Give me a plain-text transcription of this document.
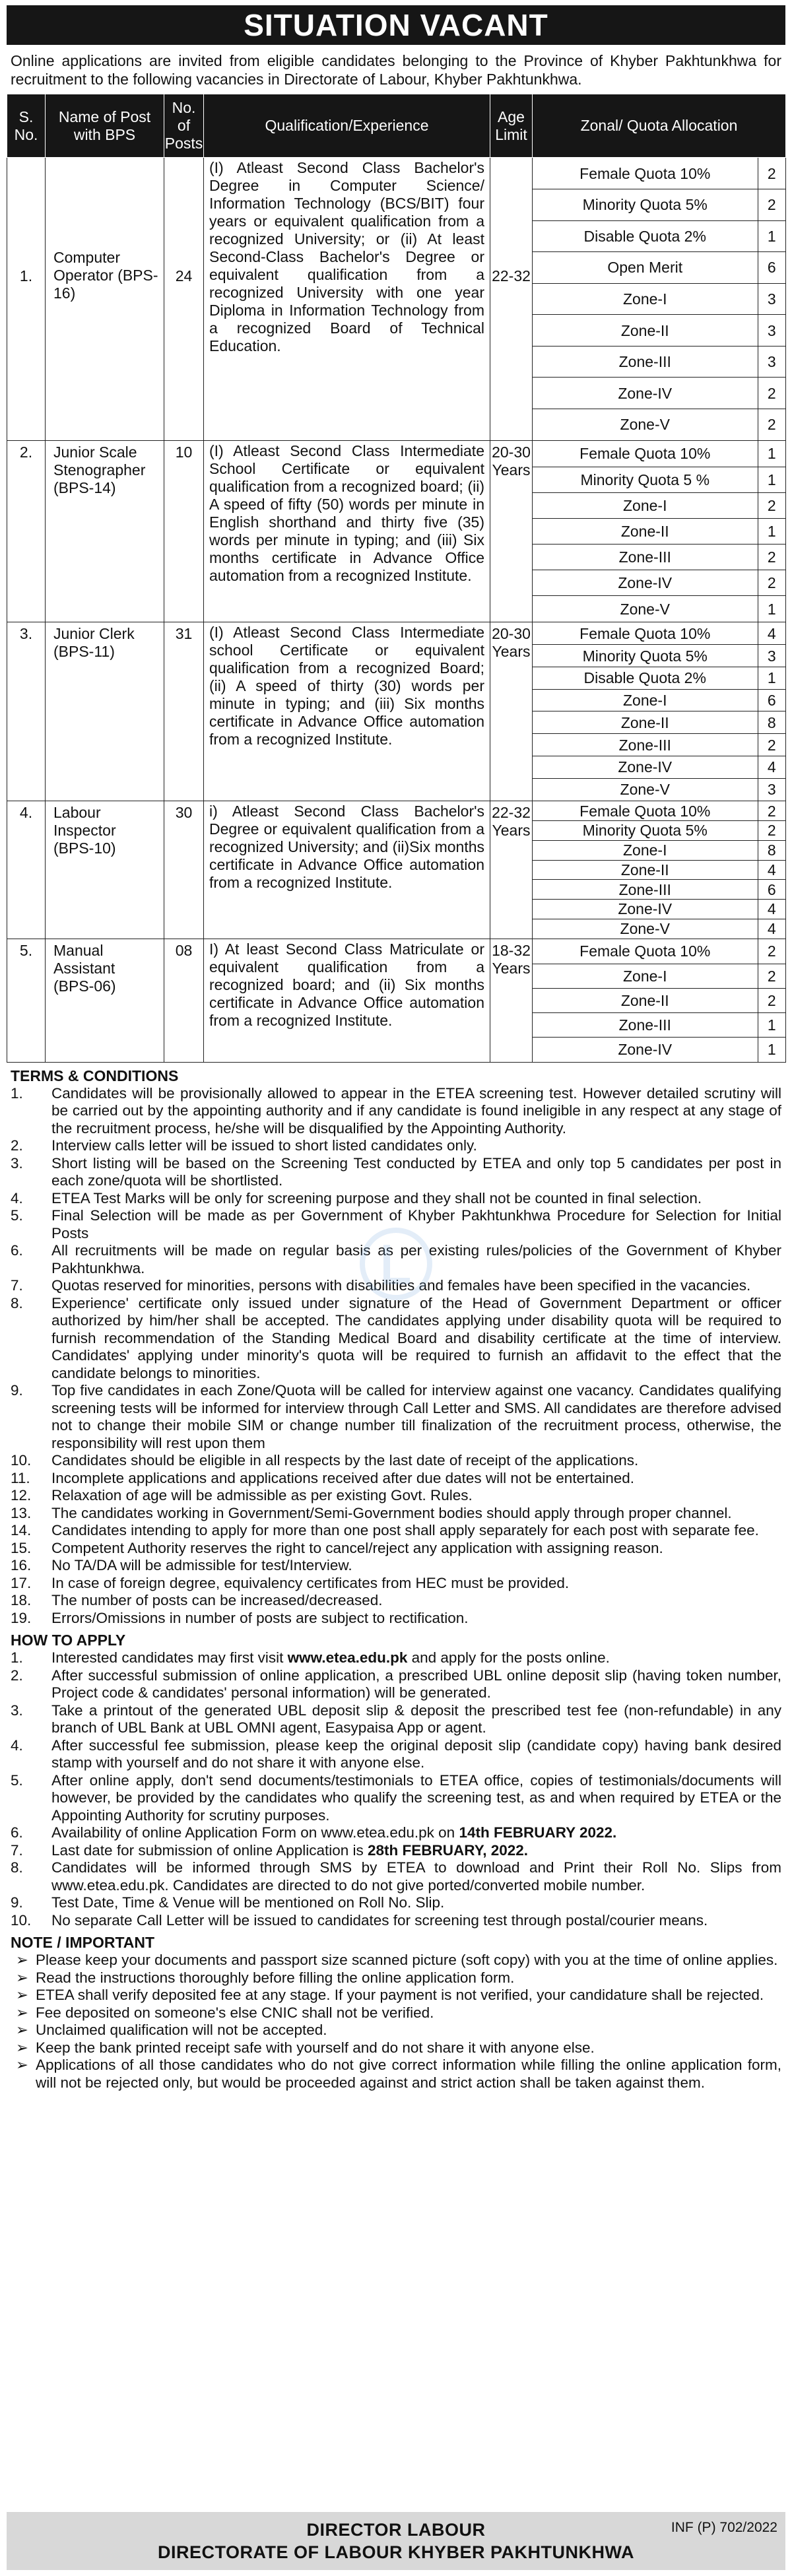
SITUATION VACANT

Online applications are invited from eligible candidates belonging to the Province of Khyber Pakhtunkhwa for recruitment to the following vacancies in Directorate of Labour, Khyber Pakhtunkhwa.

S. No.	Name of Post with BPS	No. of Posts	Qualification/Experience	Age Limit	Zonal/ Quota Allocation
1.	Computer Operator (BPS-16)	24	(I) Atleast Second Class Bachelor's Degree in Computer Science/ Information Technology (BCS/BIT) four years or equivalent qualification from a recognized University; or (ii) At least Second-Class Bachelor's Degree or equivalent qualification from a recognized University with one year Diploma in Information Technology from a recognized Board of Technical Education.	22-32	
Female Quota 10%	2
Minority Quota 5%	2
Disable Quota 2%	1
Open Merit	6
Zone-I	3
Zone-II	3
Zone-III	3
Zone-IV	2
Zone-V	2

2.	Junior Scale Stenographer (BPS-14)	10	(I) Atleast Second Class Intermediate School Certificate or equivalent qualification from a recognized board; (ii) A speed of fifty (50) words per minute in English shorthand and thirty five (35) words per minute in typing; and (iii) Six months certificate in Advance Office automation from a recognized Institute.	20-30 Years	
Female Quota 10%	1
Minority Quota 5 %	1
Zone-I	2
Zone-II	1
Zone-III	2
Zone-IV	2
Zone-V	1

3.	Junior Clerk (BPS-11)	31	(I) Atleast Second Class Intermediate school Certificate or equivalent qualification from a recognized Board; (ii) A speed of thirty (30) words per minute in typing; and (iii) Six months certificate in Advance Office automation from a recognized Institute.	20-30 Years	
Female Quota 10%	4
Minority Quota 5%	3
Disable Quota 2%	1
Zone-I	6
Zone-II	8
Zone-III	2
Zone-IV	4
Zone-V	3

4.	Labour Inspector (BPS-10)	30	i) Atleast Second Class Bachelor's Degree or equivalent qualification from a recognized University; and (ii)Six months certificate in Advance Office automation from a recognized Institute.	22-32 Years	
Female Quota 10%	2
Minority Quota 5%	2
Zone-I	8
Zone-II	4
Zone-III	6
Zone-IV	4
Zone-V	4

5.	Manual Assistant (BPS-06)	08	I) At least Second Class Matriculate or equivalent qualification from a recognized board; and (ii) Six months certificate in Advance Office automation from a recognized Institute.	18-32 Years	
Female Quota 10%	2
Zone-I	2
Zone-II	2
Zone-III	1
Zone-IV	1
TERMS & CONDITIONS
1. Candidates will be provisionally allowed to appear in the ETEA screening test. However detailed scrutiny will be carried out by the appointing authority and if any candidate is found ineligible in any respect at any stage of the recruitment process, he/she will be disqualified by the Appointing Authority.
2. Interview calls letter will be issued to short listed candidates only.
3. Short listing will be based on the Screening Test conducted by ETEA and only top 5 candidates per post in each zone/quota will be shortlisted.
4. ETEA Test Marks will be only for screening purpose and they shall not be counted in final selection.
5. Final Selection will be made as per Government of Khyber Pakhtunkhwa Procedure for Selection for Initial Posts
6. All recruitments will be made on regular basis as per existing rules/policies of the Government of Khyber Pakhtunkhwa.
7. Quotas reserved for minorities, persons with disabilities and females have been specified in the vacancies.
8. Experience' certificate only issued under signature of the Head of Government Department or officer authorized by him/her shall be accepted. The candidates applying under disability quota will be required to furnish recommendation of the Standing Medical Board and disability certificate at the time of interview. Candidates' applying under minority's quota will be required to furnish an affidavit to the effect that the candidate belongs to minorities.
9. Top five candidates in each Zone/Quota will be called for interview against one vacancy. Candidates qualifying screening tests will be informed for interview through Call Letter and SMS. All candidates are therefore advised not to change their mobile SIM or change number till finalization of the recruitment process, otherwise, the responsibility will rest upon them
10. Candidates should be eligible in all respects by the last date of receipt of the applications.
11. Incomplete applications and applications received after due dates will not be entertained.
12. Relaxation of age will be admissible as per existing Govt. Rules.
13. The candidates working in Government/Semi-Government bodies should apply through proper channel.
14. Candidates intending to apply for more than one post shall apply separately for each post with separate fee.
15. Competent Authority reserves the right to cancel/reject any application with assigning reason.
16. No TA/DA will be admissible for test/Interview.
17. In case of foreign degree, equivalency certificates from HEC must be provided.
18. The number of posts can be increased/decreased.
19. Errors/Omissions in number of posts are subject to rectification.
HOW TO APPLY
1. Interested candidates may first visit www.etea.edu.pk and apply for the posts online.
2. After successful submission of online application, a prescribed UBL online deposit slip (having token number, Project code & candidates' personal information) will be generated.
3. Take a printout of the generated UBL deposit slip & deposit the prescribed test fee (non-refundable) in any branch of UBL Bank at UBL OMNI agent, Easypaisa App or agent.
4. After successful fee submission, please keep the original deposit slip (candidate copy) having bank desired stamp with yourself and do not share it with anyone else.
5. After online apply, don't send documents/testimonials to ETEA office, copies of testimonials/documents will however, be provided by the candidates who qualify the screening test, as and when required by ETEA or the Appointing Authority for scrutiny purposes.
6. Availability of online Application Form on www.etea.edu.pk on 14th FEBRUARY 2022.
7. Last date for submission of online Application is 28th FEBRUARY, 2022.
8. Candidates will be informed through SMS by ETEA to download and Print their Roll No. Slips from www.etea.edu.pk. Candidates are directed to do not give ported/converted mobile number.
9. Test Date, Time & Venue will be mentioned on Roll No. Slip.
10. No separate Call Letter will be issued to candidates for screening test through postal/courier means.
NOTE / IMPORTANT
➢ Please keep your documents and passport size scanned picture (soft copy) with you at the time of online applies.
➢ Read the instructions thoroughly before filling the online application form.
➢ ETEA shall verify deposited fee at any stage. If your payment is not verified, your candidature shall be rejected.
➢ Fee deposited on someone's else CNIC shall not be verified.
➢ Unclaimed qualification will not be accepted.
➢ Keep the bank printed receipt safe with yourself and do not share it with anyone else.
➢ Applications of all those candidates who do not give correct information while filling the online application form, will not be rejected only, but would be proceeded against and strict action shall be taken against them.
DIRECTOR LABOUR
DIRECTORATE OF LABOUR KHYBER PAKHTUNKHWA
INF (P) 702/2022
